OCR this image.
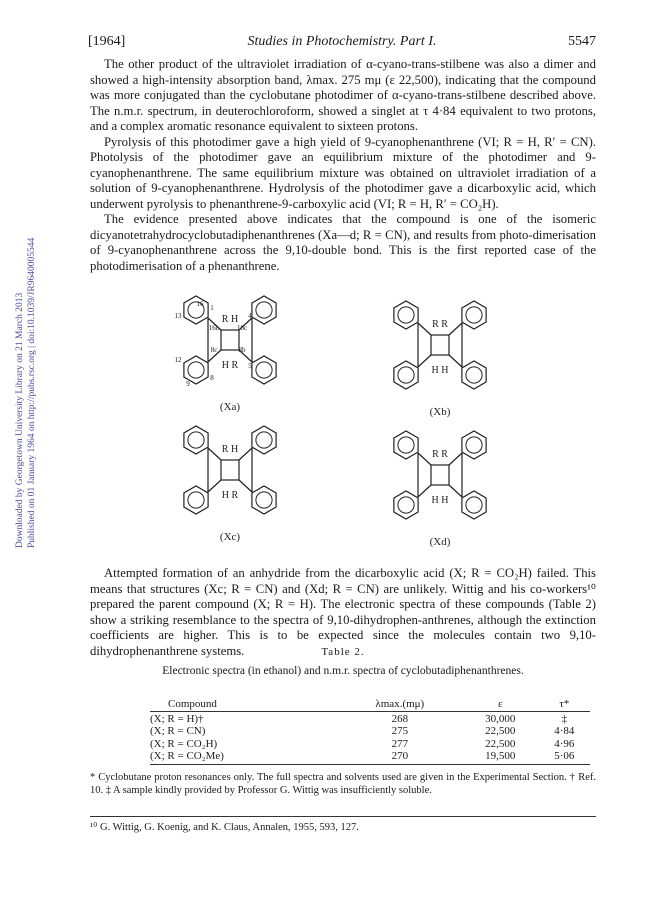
[1964]	Studies in Photochemistry. Part I.	5547
Downloaded by Georgetown University Library on 21 March 2013 Published on 01 January 1964 on http://pubs.rsc.org | doi:10.1039/JR9640005544

The other product of the ultraviolet irradiation of α-cyano-trans-stilbene was also a dimer and showed a high-intensity absorption band, λmax. 275 mμ (ε 22,500), indicating that the compound was more conjugated than the cyclobutane photodimer of α-cyano-trans-stilbene described above. The n.m.r. spectrum, in deuterochloroform, showed a singlet at τ 4·84 equivalent to two protons, and a complex aromatic resonance equivalent to sixteen protons.

Pyrolysis of this photodimer gave a high yield of 9-cyanophenanthrene (VI; R = H, R′ = CN). Photolysis of the photodimer gave an equilibrium mixture of the photodimer and 9-cyanophenanthrene. The same equilibrium mixture was obtained on ultraviolet irradiation of a solution of 9-cyanophenanthrene. Hydrolysis of the photodimer gave a dicarboxylic acid, which underwent pyrolysis to phenanthrene-9-carboxylic acid (VI; R = H, R′ = CO₂H).

The evidence presented above indicates that the compound is one of the isomeric dicyanotetrahydrocyclobutadiphenanthrenes (Xa—d; R = CN), and results from photo-dimerisation of 9-cyanophenanthrene across the 9,10-double bond. This is the first reported case of the photodimerisation of a phenanthrene.

R H
H R
(Xa)
R R
H H
(Xb)
R H
H R
(Xc)
R R
H H
(Xd)
1
4
5
8
9
12
13
16
16b	16c
8b
8c

Attempted formation of an anhydride from the dicarboxylic acid (X; R = CO₂H) failed. This means that structures (Xc; R = CN) and (Xd; R = CN) are unlikely. Wittig and his co-workers¹⁰ prepared the parent compound (X; R = H). The electronic spectra of these compounds (Table 2) show a striking resemblance to the spectra of 9,10-dihydrophen-anthrenes, although the extinction coefficients are higher. This is to be expected since the molecules contain two 9,10-dihydrophenanthrene systems.	Table 2.
Electronic spectra (in ethanol) and n.m.r. spectra of cyclobutadiphenanthrenes.
Compound	λmax.(mμ)	ε	τ*
(X; R = H)†	268	30,000	‡
(X; R = CN)	275	22,500	4·84
(X; R = CO₂H)	277	22,500	4·96
(X; R = CO₂Me)	270	19,500	5·06
* Cyclobutane proton resonances only. The full spectra and solvents used are given in the Experimental Section. † Ref. 10. ‡ A sample kindly provided by Professor G. Wittig was insufficiently soluble.
¹⁰ G. Wittig, G. Koenig, and K. Claus, Annalen, 1955, 593, 127.
